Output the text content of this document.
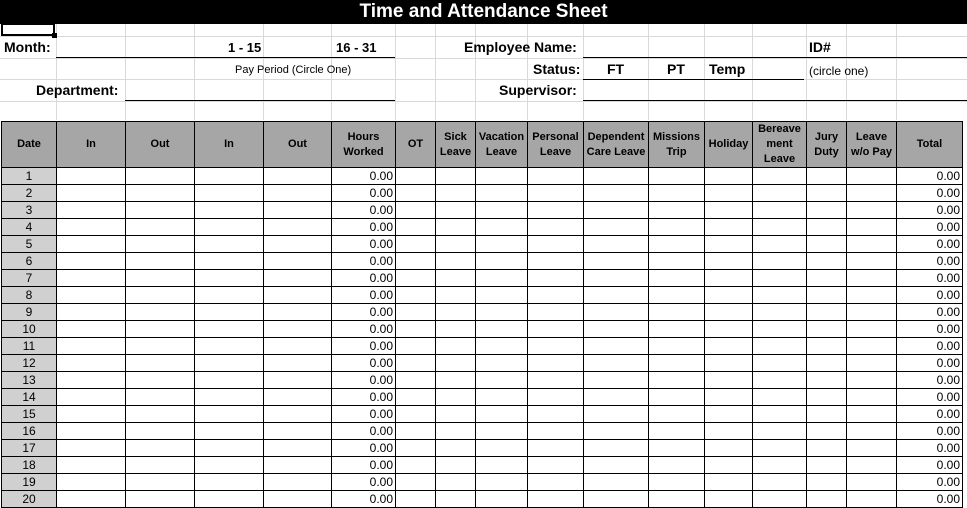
Time and Attendance Sheet
Month:	1 - 15	16 - 31	Employee Name:	ID#
Pay Period (Circle One)	Status: FT	PT Temp	(circle one)
Department:	Supervisor:
Date	In	Out	In	Out	Hours Worked	OT	Sick Leave	Vacation Leave	Personal Leave	Dependent Care Leave	Missions Trip	Holiday	Bereave ment Leave	Jury Duty	Leave w/o Pay	Total
1					0.00											0.00
2					0.00											0.00
3					0.00											0.00
4					0.00											0.00
5					0.00											0.00
6					0.00											0.00
7					0.00											0.00
8					0.00											0.00
9					0.00											0.00
10					0.00											0.00
11					0.00											0.00
12					0.00											0.00
13					0.00											0.00
14					0.00											0.00
15					0.00											0.00
16					0.00											0.00
17					0.00											0.00
18					0.00											0.00
19					0.00											0.00
20					0.00											0.00
